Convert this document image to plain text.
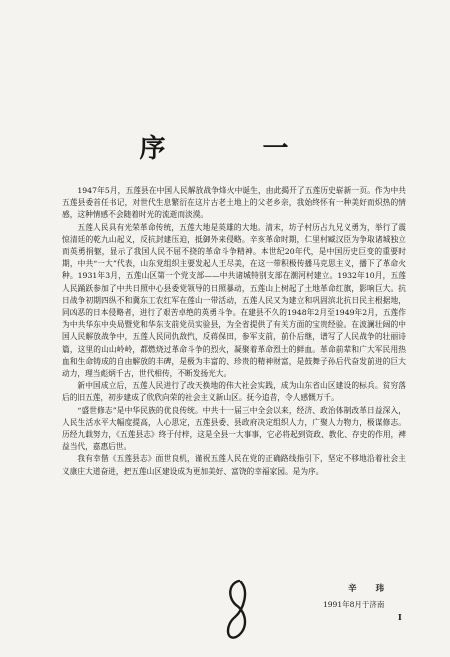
序 一

1947年5月，五莲县在中国人民解放战争烽火中诞生，由此揭开了五莲历史崭新一页。作为中共五莲县委首任书记，对世代生息繁衍在这片古老土地上的父老乡亲，我始终怀有一种美好而炽热的情感，这种情感不会随着时光的流逝而淡漠。

五莲人民具有光荣革命传统，五莲大地是英雄的大地。清末，坊子村历占九兄义勇为，举行了震惊清廷的乾九山起义，反抗封建压迫，抵御外来侵略。辛亥革命时期，仁里村臧汉臣为争取诸城独立而英勇捐躯，显示了我国人民不屈不挠的革命斗争精神。本世纪20年代，是中国历史巨变的重要时期，中共“一大”代表，山东党组织主要发起人王尽美，在这一带积极传播马克思主义，播下了革命火种。1931年3月，五莲山区第一个党支部——中共诸城特别支部在潮河村建立。1932年10月，五莲人民踊跃参加了中共日照中心县委党领导的日照暴动，五莲山上树起了土地革命红旗，影响巨大。抗日战争初期四纵不和冀东工农红军在莲山一带活动，五莲人民又为建立和巩固滨北抗日民主根据地，同凶恶的日本侵略者，进行了艰苦卓绝的英勇斗争。在建县不久的1948年2月至1949年2月，五莲作为中共华东中央局暨党和华东支前党员实验县，为全省提供了有关方面的宝贵经验。在波澜壮阔的中国人民解放战争中，五莲人民同仇敌忾，反蒋保田，参军支前，前仆后继，谱写了人民战争的壮丽诗篇，这里的山山岭岭，都燃烧过革命斗争的烈火，凝聚着革命烈士的鲜血。革命前辈和广大军民用热血和生命铸成的自由解放的丰碑，是极为丰富的、珍贵的精神财富，是鼓舞子孙后代奋发前进的巨大动力，理当彪炳千古，世代相传，不断发扬光大。

新中国成立后，五莲人民进行了改天换地的伟大社会实践，成为山东省山区建设的标兵。贫穷落后的旧五莲，初步建成了欣欣向荣的社会主义新山区。抚今追昔，令人感慨万千。

“盛世修志”是中华民族的优良传统。中共十一届三中全会以来，经济、政治体制改革日益深入，人民生活水平大幅度提高，人心思定，五莲县委、县政府决定组织人力，广聚人力物力，极谋修志。历经九载努力，《五莲县志》终于付梓，这是全县一大事事，它必将起到资政、教化、存史的作用，裨益当代，嘉惠后世。

我有幸偕《五莲县志》面世良机，谨祝五莲人民在党的正确路线指引下，坚定不移地沿着社会主义康庄大道奋进，把五莲山区建设成为更加美好、富饶的幸福家园。是为序。

辛 玮
1991年8月于济南
I
